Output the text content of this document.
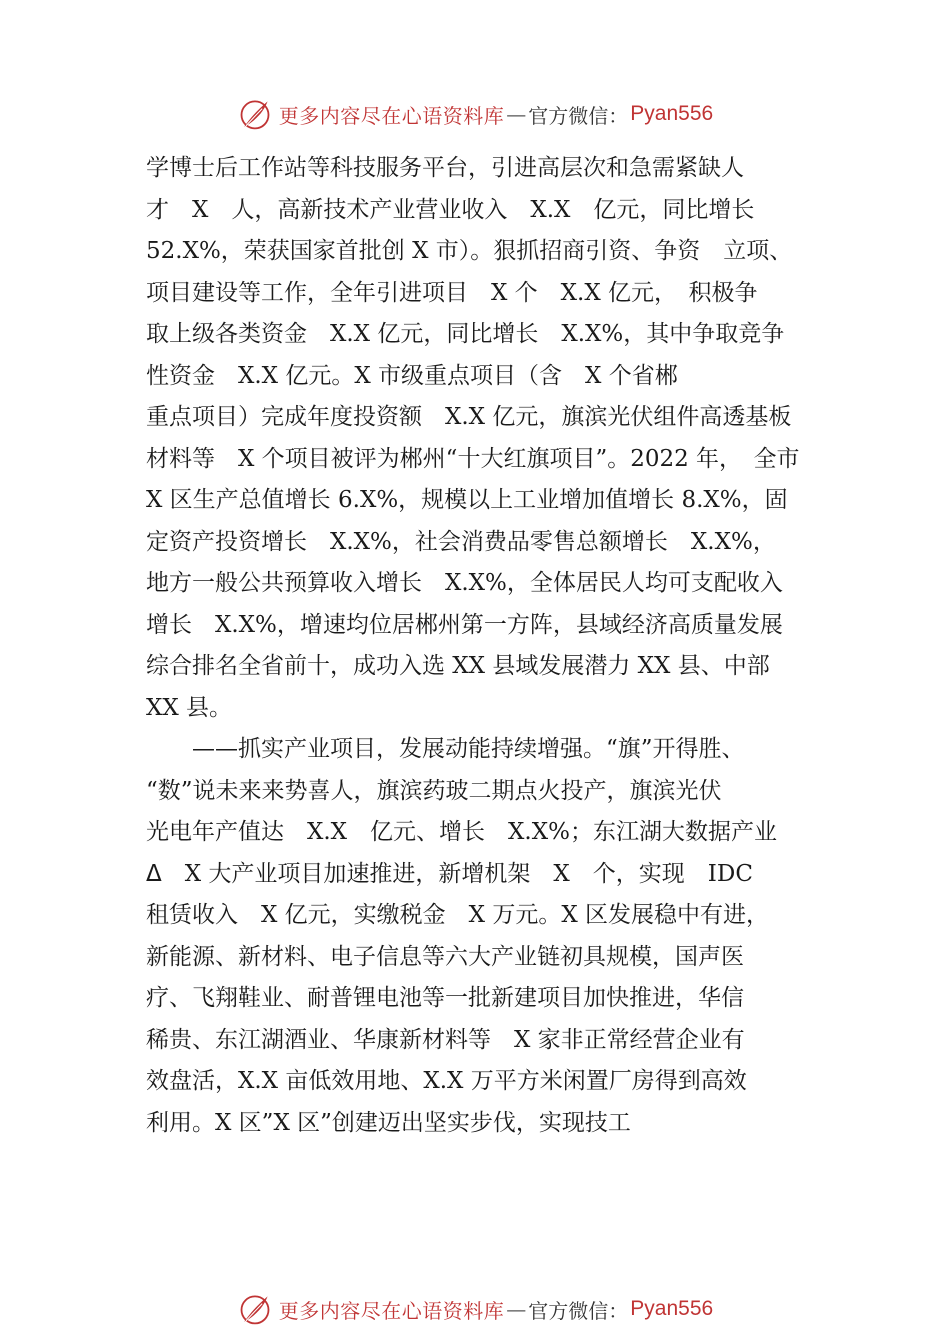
更多内容尽在心语资料库 — 官方微信： Pyan556
学博士后工作站等科技服务平台，引进高层次和急需紧缺人
才　X　人，高新技术产业营业收入　X.X　亿元，同比增长
52.X%，荣获国家首批创 X 市）。狠抓招商引资、争资　立项、
项目建设等工作，全年引进项目　X 个　X.X 亿元，　积极争
取上级各类资金　X.X 亿元，同比增长　X.X%，其中争取竞争
性资金　X.X 亿元。X 市级重点项目（含　X 个省郴
重点项目）完成年度投资额　X.X 亿元，旗滨光伏组件高透基板
材料等　X 个项目被评为郴州“十大红旗项目”。2022 年，　全市
X 区生产总值增长 6.X%，规模以上工业增加值增长 8.X%，固
定资产投资增长　X.X%，社会消费品零售总额增长　X.X%，
地方一般公共预算收入增长　X.X%，全体居民人均可支配收入
增长　X.X%，增速均位居郴州第一方阵，县域经济高质量发展
综合排名全省前十，成功入选 XX 县域发展潜力 XX 县、中部
XX 县。
——抓实产业项目，发展动能持续增强。“旗”开得胜、
“数”说未来来势喜人，旗滨药玻二期点火投产，旗滨光伏
光电年产值达　X.X　亿元、增长　X.X%；东江湖大数据产业
ᐃ　X 大产业项目加速推进，新增机架　X　个，实现　IDC
租赁收入　X 亿元，实缴税金　X 万元。X 区发展稳中有进，
新能源、新材料、电子信息等六大产业链初具规模，国声医
疗、飞翔鞋业、耐普锂电池等一批新建项目加快推进，华信
稀贵、东江湖酒业、华康新材料等　X 家非正常经营企业有
效盘活，X.X 亩低效用地、X.X 万平方米闲置厂房得到高效
利用。X 区”X 区”创建迈出坚实步伐，实现技工
更多内容尽在心语资料库 — 官方微信： Pyan556
